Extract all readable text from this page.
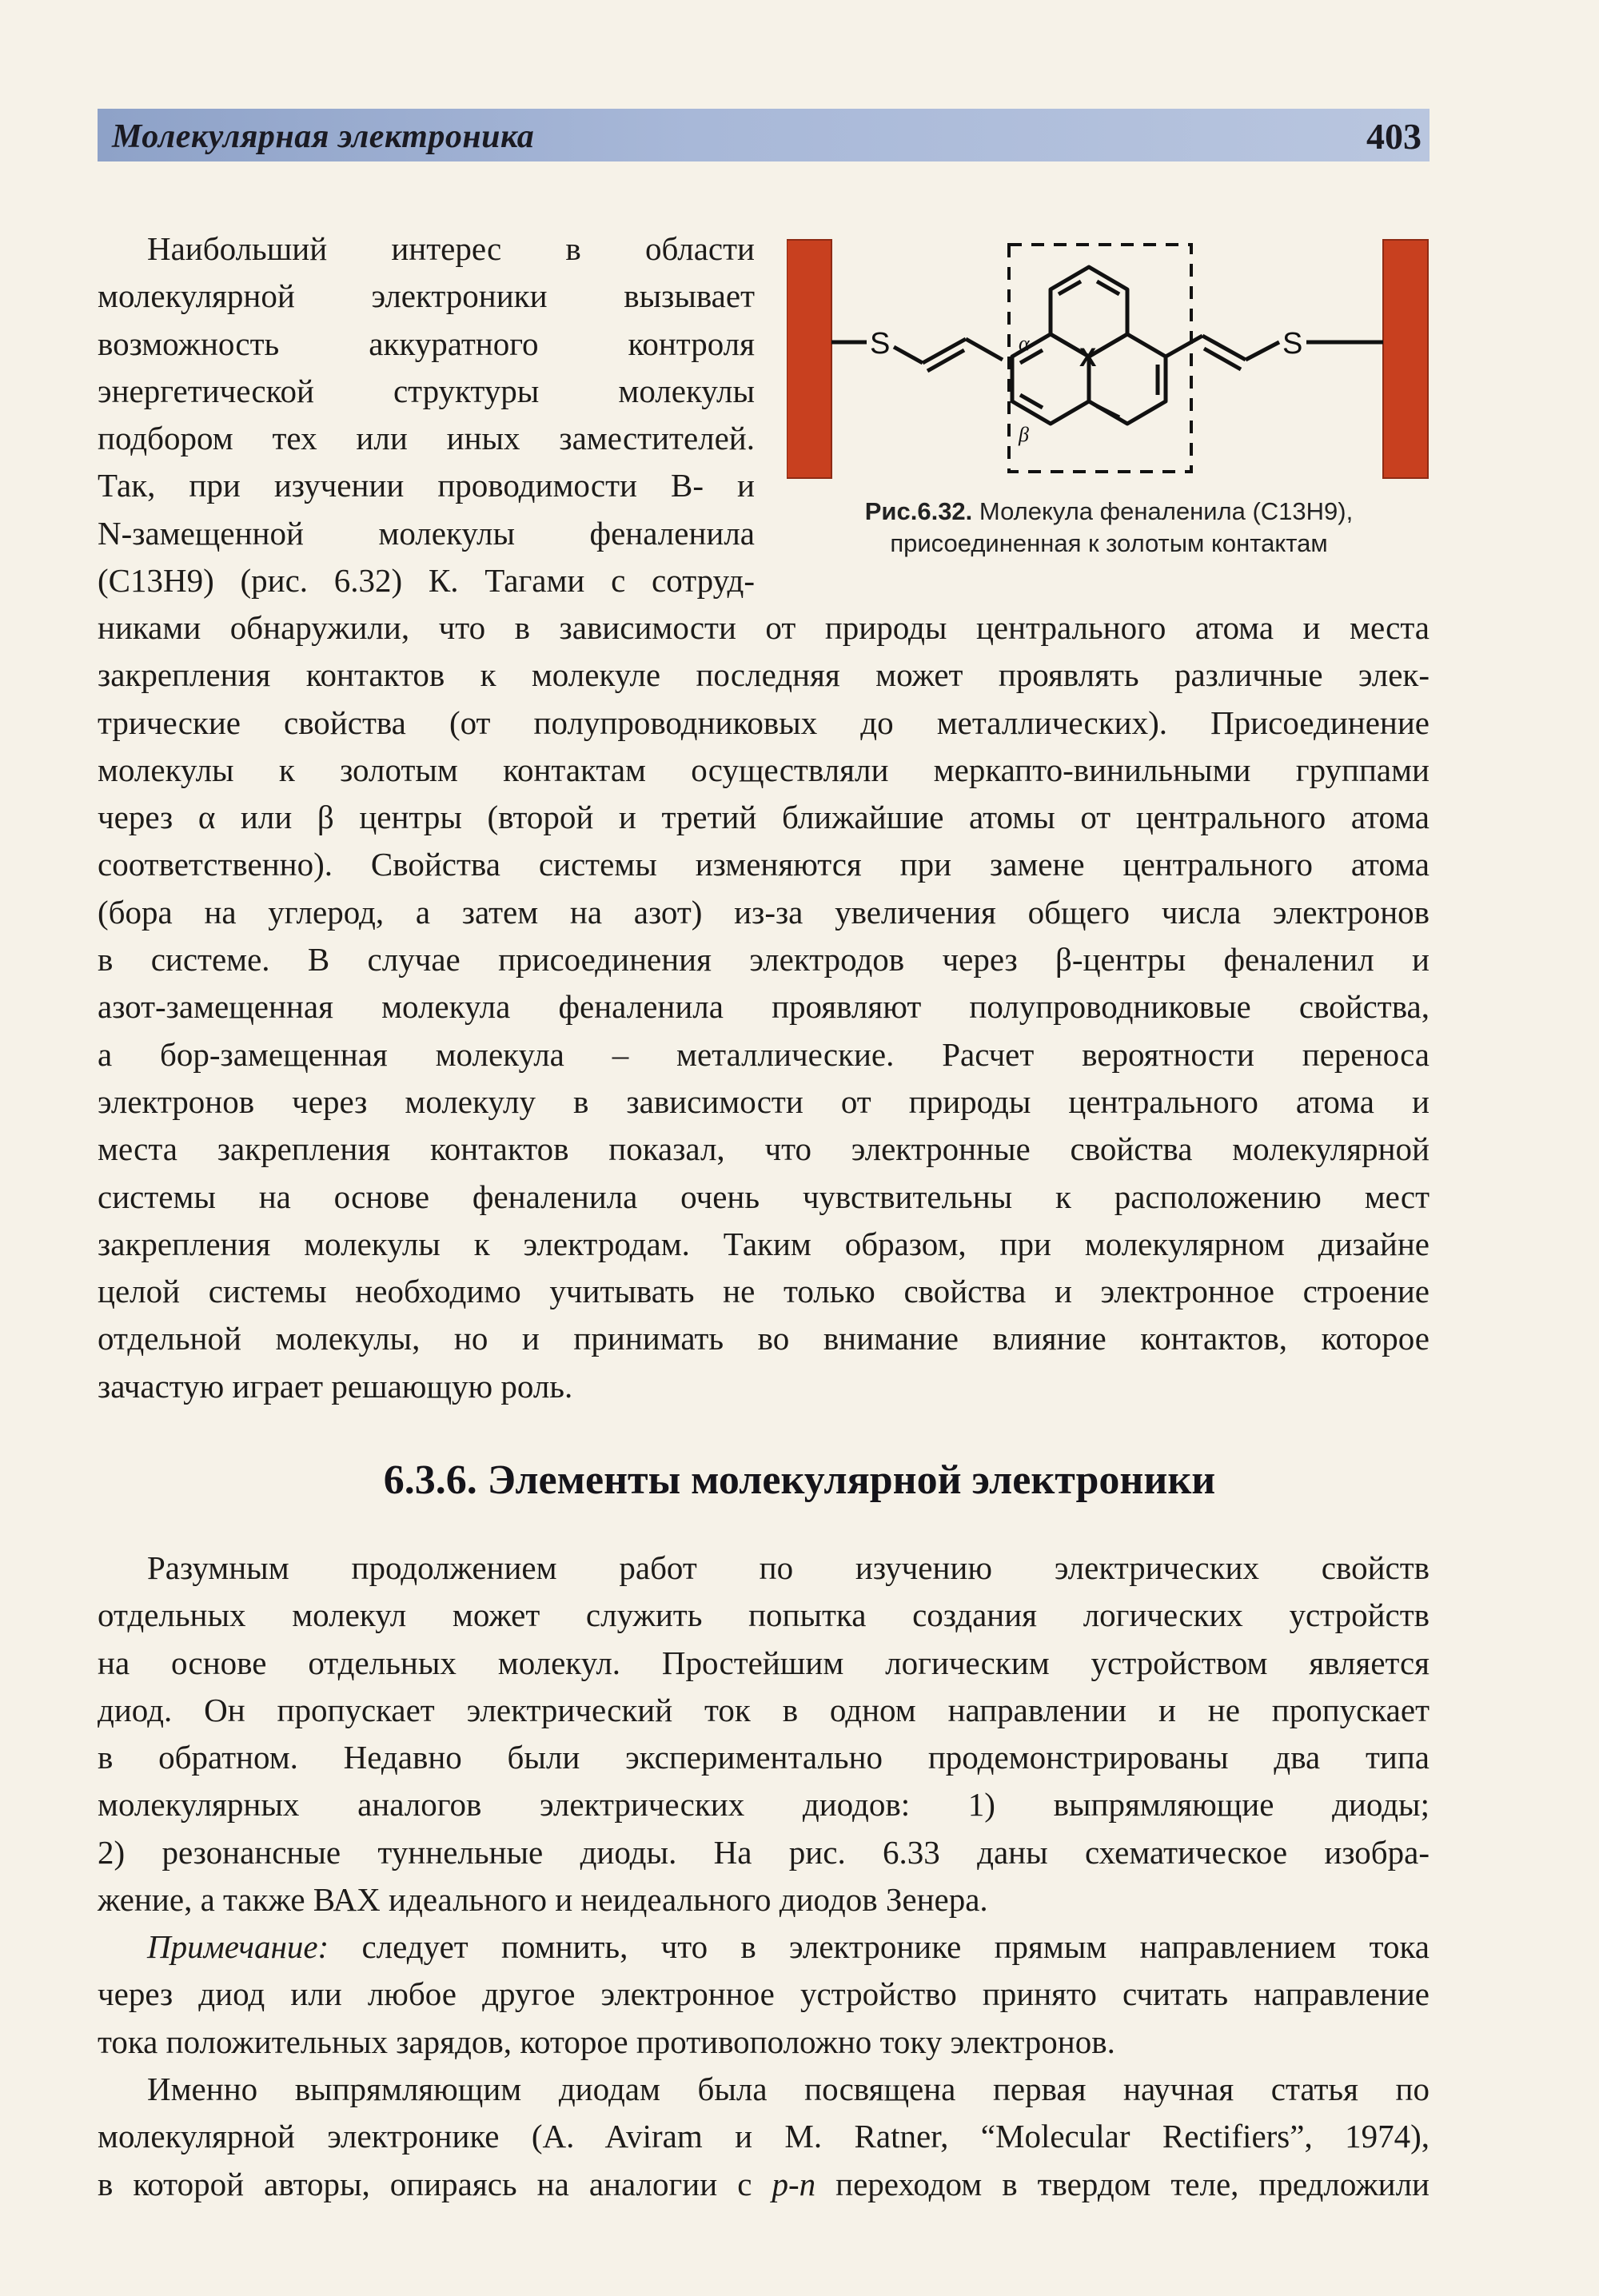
Молекулярная электроника	403
Наибольший интерес в области
молекулярной электроники вызывает
возможность аккуратного контроля
энергетической структуры молекулы
подбором тех или иных заместителей.
Так, при изучении проводимости B- и
N-замещенной молекулы феналенила
(C13H9) (рис. 6.32) К. Тагами с сотруд-
S	S
X
α
β
Рис.6.32. Молекула феналенила (C13H9),
присоединенная к золотым контактам
никами обнаружили, что в зависимости от природы центрального атома и места
закрепления контактов к молекуле последняя может проявлять различные элек-
трические свойства (от полупроводниковых до металлических). Присоединение
молекулы к золотым контактам осуществляли меркапто-винильными группами
через α или β центры (второй и третий ближайшие атомы от центрального атома
соответственно). Свойства системы изменяются при замене центрального атома
(бора на углерод, а затем на азот) из-за увеличения общего числа электронов
в системе. В случае присоединения электродов через β-центры феналенил и
азот-замещенная молекула феналенила проявляют полупроводниковые свойства,
а бор-замещенная молекула – металлические. Расчет вероятности переноса
электронов через молекулу в зависимости от природы центрального атома и
места закрепления контактов показал, что электронные свойства молекулярной
системы на основе феналенила очень чувствительны к расположению мест
закрепления молекулы к электродам. Таким образом, при молекулярном дизайне
целой системы необходимо учитывать не только свойства и электронное строение
отдельной молекулы, но и принимать во внимание влияние контактов, которое
зачастую играет решающую роль.
6.3.6. Элементы молекулярной электроники
Разумным продолжением работ по изучению электрических свойств
отдельных молекул может служить попытка создания логических устройств
на основе отдельных молекул. Простейшим логическим устройством является
диод. Он пропускает электрический ток в одном направлении и не пропускает
в обратном. Недавно были экспериментально продемонстрированы два типа
молекулярных аналогов электрических диодов: 1) выпрямляющие диоды;
2) резонансные туннельные диоды. На рис. 6.33 даны схематическое изобра-
жение, а также ВАХ идеального и неидеального диодов Зенера.
Примечание: следует помнить, что в электронике прямым направлением тока
через диод или любое другое электронное устройство принято считать направление
тока положительных зарядов, которое противоположно току электронов.
Именно выпрямляющим диодам была посвящена первая научная статья по
молекулярной электронике (A. Aviram и M. Ratner, “Molecular Rectifiers”, 1974),
в которой авторы, опираясь на аналогии с p-n переходом в твердом теле, предложили
